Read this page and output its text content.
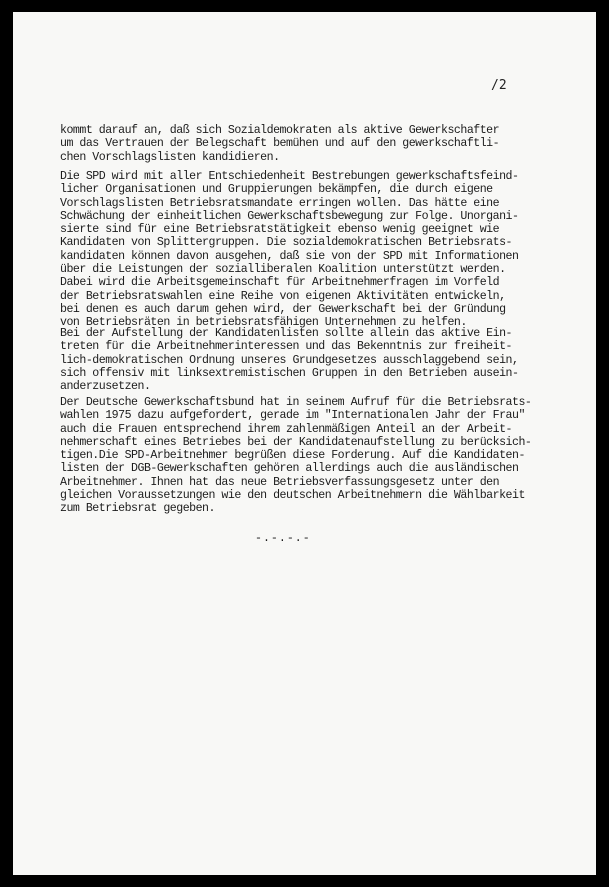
/2

kommt darauf an, daß sich Sozialdemokraten als aktive Gewerkschafter
um das Vertrauen der Belegschaft bemühen und auf den gewerkschaftli-
chen Vorschlagslisten kandidieren.

Die SPD wird mit aller Entschiedenheit Bestrebungen gewerkschaftsfeind-
licher Organisationen und Gruppierungen bekämpfen, die durch eigene
Vorschlagslisten Betriebsratsmandate erringen wollen. Das hätte eine
Schwächung der einheitlichen Gewerkschaftsbewegung zur Folge. Unorgani-
sierte sind für eine Betriebsratstätigkeit ebenso wenig geeignet wie
Kandidaten von Splittergruppen. Die sozialdemokratischen Betriebsrats-
kandidaten können davon ausgehen, daß sie von der SPD mit Informationen
über die Leistungen der sozialliberalen Koalition unterstützt werden.
Dabei wird die Arbeitsgemeinschaft für Arbeitnehmerfragen im Vorfeld
der Betriebsratswahlen eine Reihe von eigenen Aktivitäten entwickeln,
bei denen es auch darum gehen wird, der Gewerkschaft bei der Gründung
von Betriebsräten in betriebsratsfähigen Unternehmen zu helfen.

Bei der Aufstellung der Kandidatenlisten sollte allein das aktive Ein-
treten für die Arbeitnehmerinteressen und das Bekenntnis zur freiheit-
lich-demokratischen Ordnung unseres Grundgesetzes ausschlaggebend sein,
sich offensiv mit linksextremistischen Gruppen in den Betrieben ausein-
anderzusetzen.

Der Deutsche Gewerkschaftsbund hat in seinem Aufruf für die Betriebsrats-
wahlen 1975 dazu aufgefordert, gerade im "Internationalen Jahr der Frau"
auch die Frauen entsprechend ihrem zahlenmäßigen Anteil an der Arbeit-
nehmerschaft eines Betriebes bei der Kandidatenaufstellung zu berücksich-
tigen.Die SPD-Arbeitnehmer begrüßen diese Forderung. Auf die Kandidaten-
listen der DGB-Gewerkschaften gehören allerdings auch die ausländischen
Arbeitnehmer. Ihnen hat das neue Betriebsverfassungsgesetz unter den
gleichen Voraussetzungen wie den deutschen Arbeitnehmern die Wählbarkeit
zum Betriebsrat gegeben.

-.-.-.-
